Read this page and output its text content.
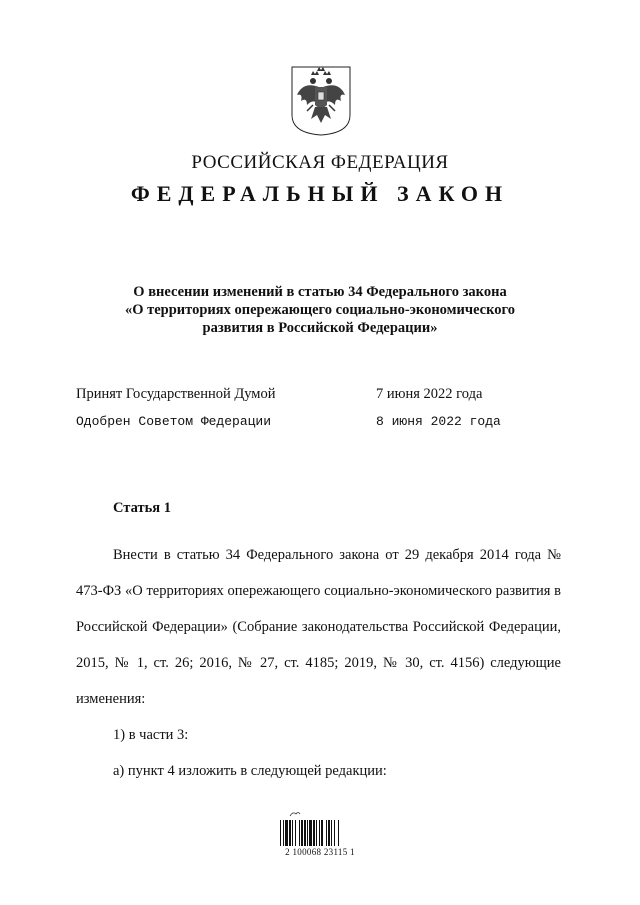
РОССИЙСКАЯ ФЕДЕРАЦИЯ
ФЕДЕРАЛЬНЫЙ ЗАКОН
О внесении изменений в статью 34 Федерального закона
«О территориях опережающего социально-экономического
развития в Российской Федерации»
Принят Государственной Думой	7 июня 2022 года
Одобрен Советом Федерации	8 июня 2022 года
Статья 1

Внести в статью 34 Федерального закона от 29 декабря 2014 года № 473-ФЗ «О территориях опережающего социально-экономического развития в Российской Федерации» (Собрание законодательства Российской Федерации, 2015, № 1, ст. 26; 2016, № 27, ст. 4185; 2019, № 30, ст. 4156) следующие изменения:

1) в части 3:

а) пункт 4 изложить в следующей редакции:

2 100068 23115 1
